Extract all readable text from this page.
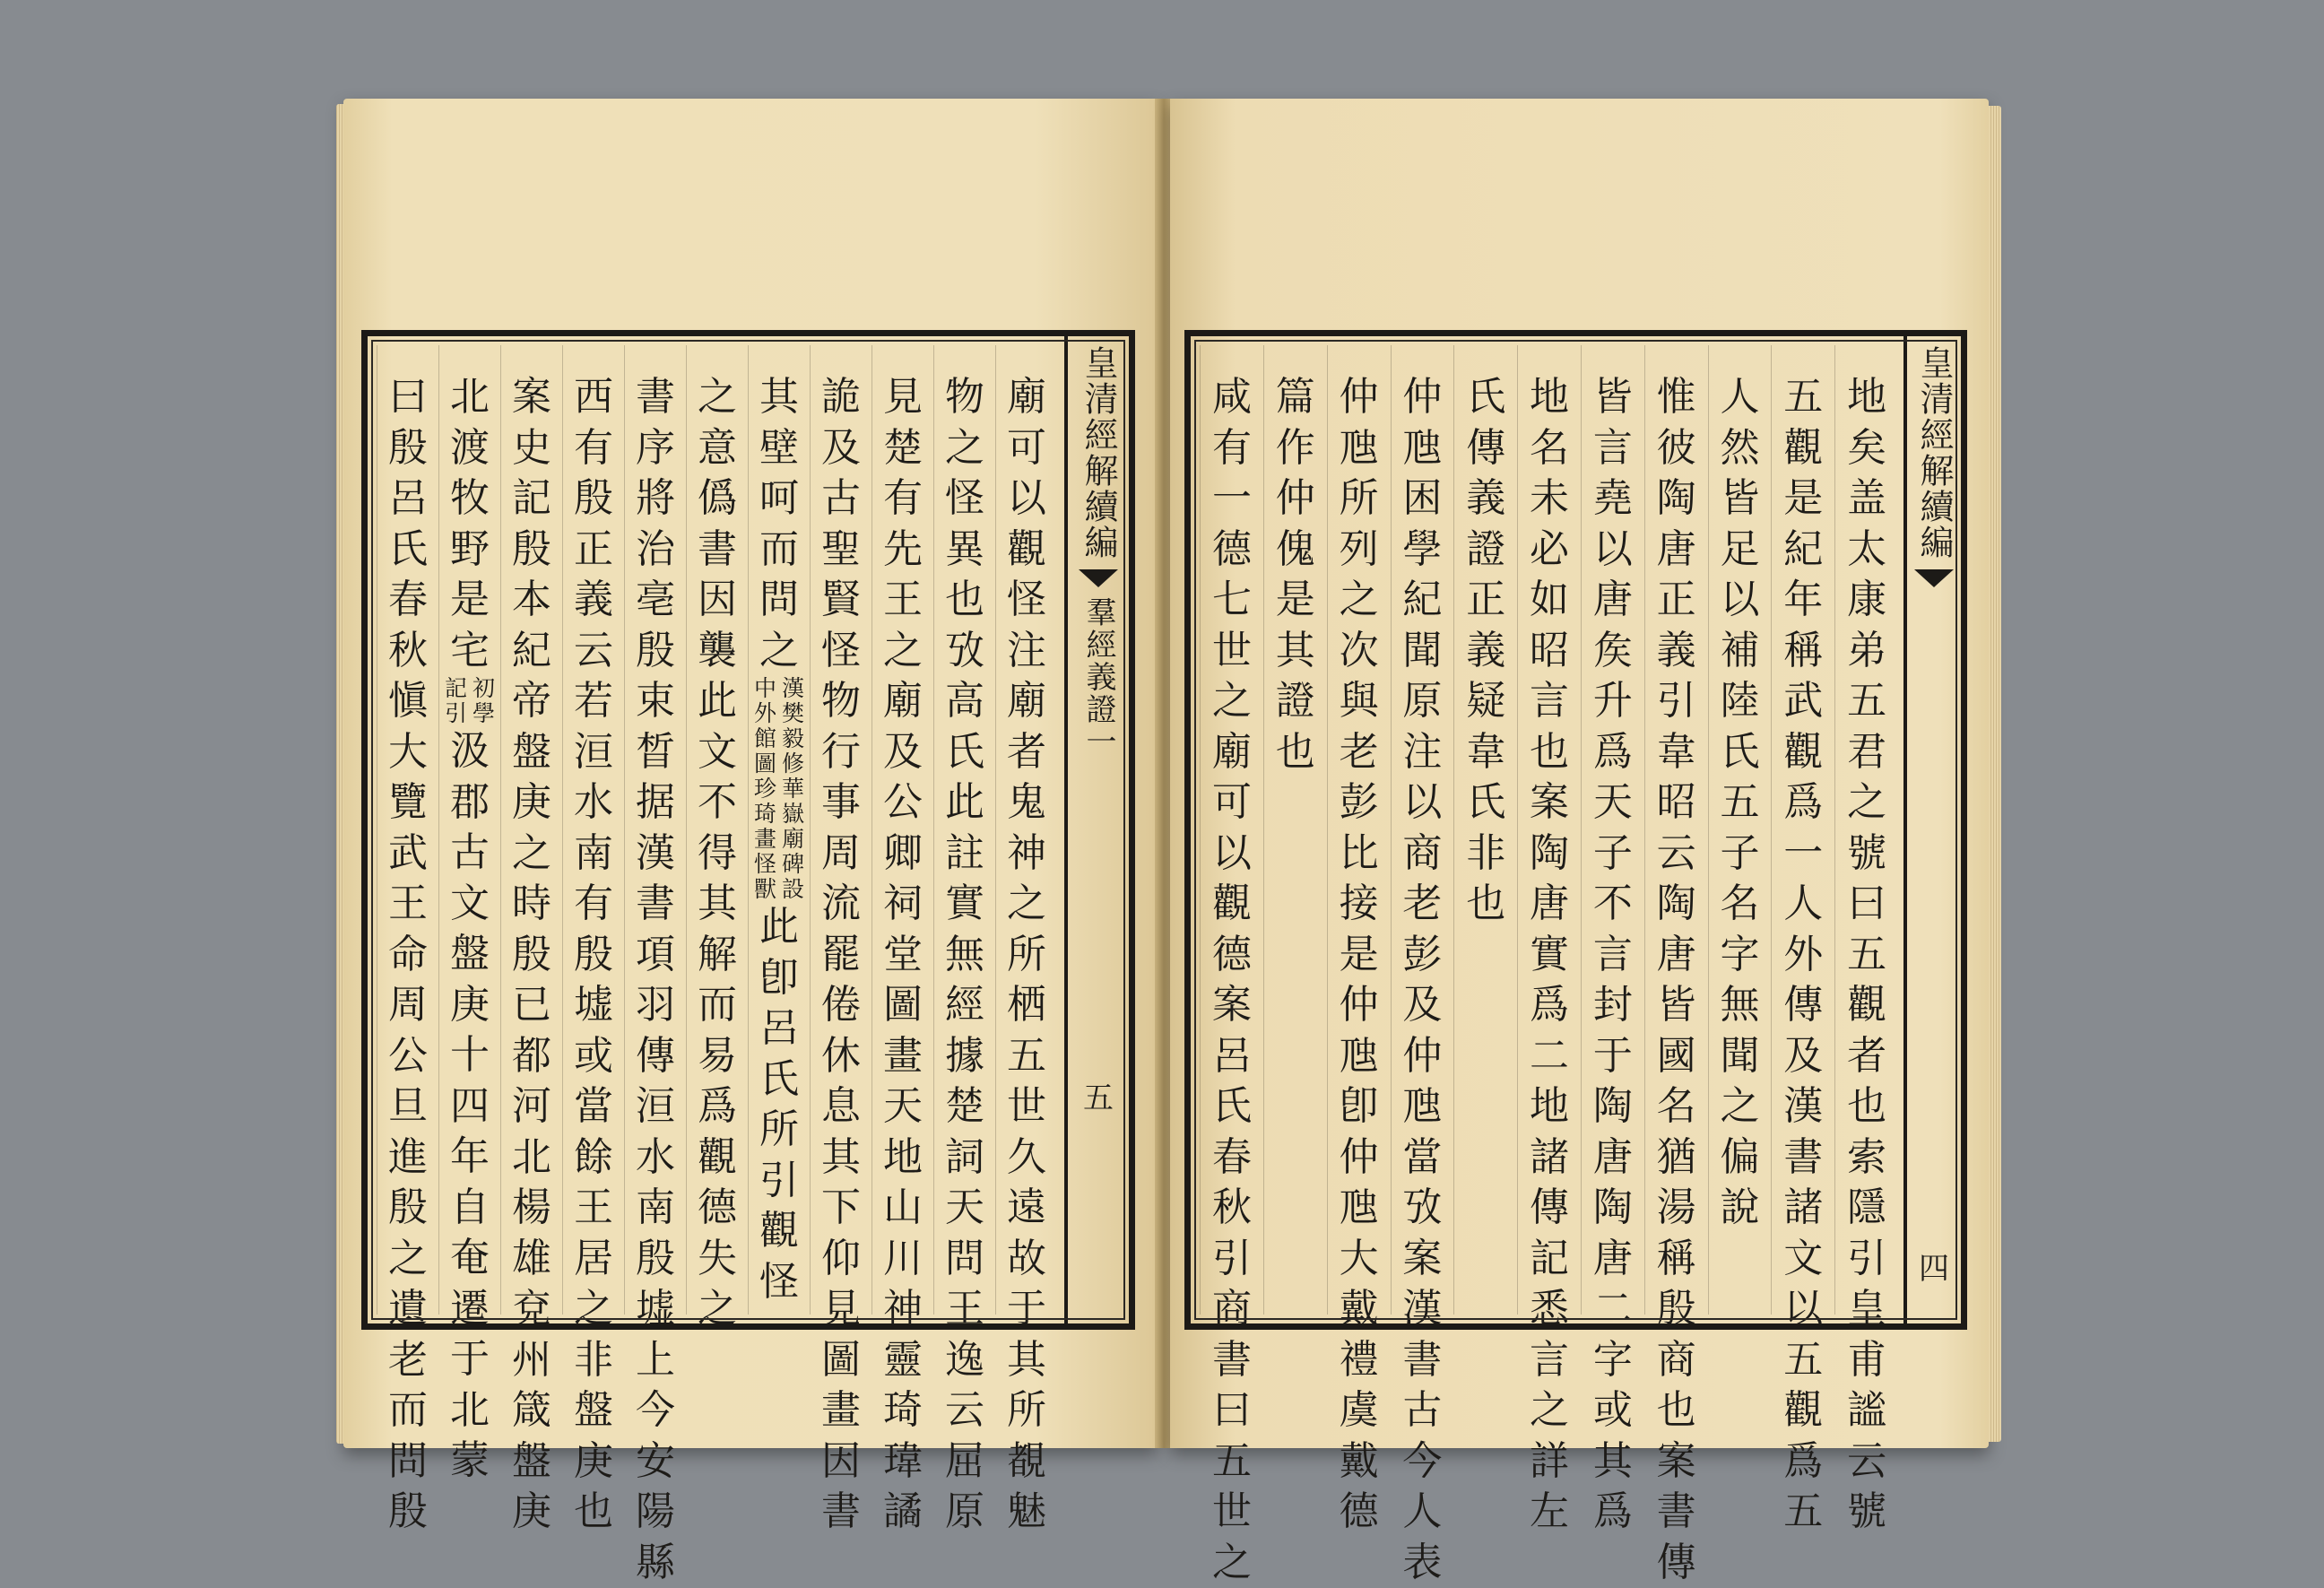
廟
可
以
觀
怪
注
廟
者
鬼
神
之
所
栖
五
世
久
遠
故
于
其
所
覩
魅
物
之
怪
異
也
攷
高
氏
此
註
實
無
經
據
楚
詞
天
問
王
逸
云
屈
原
見
楚
有
先
王
之
廟
及
公
卿
祠
堂
圖
畫
天
地
山
川
神
靈
琦
瑋
譎
詭
及
古
聖
賢
怪
物
行
事
周
流
罷
倦
休
息
其
下
仰
見
圖
畫
因
書
其
壁
呵
而
問
之
漢
樊
毅
修
華
嶽
廟
碑
設
中
外
館
圖
珍
琦
畫
怪
獸
此
卽
呂
氏
所
引
觀
怪
之
意
僞
書
因
襲
此
文
不
得
其
解
而
易
爲
觀
德
失
之
書
序
將
治
亳
殷
束
晳
据
漢
書
項
羽
傳
洹
水
南
殷
墟
上
今
安
陽
縣
西
有
殷
正
義
云
若
洹
水
南
有
殷
墟
或
當
餘
王
居
之
非
盤
庚
也
案
史
記
殷
本
紀
帝
盤
庚
之
時
殷
已
都
河
北
楊
雄
兗
州
箴
盤
庚
北
渡
牧
野
是
宅
初
學
記
引
汲
郡
古
文
盤
庚
十
四
年
自
奄
遷
于
北
蒙
曰
殷
呂
氏
春
秋
愼
大
覽
武
王
命
周
公
旦
進
殷
之
遺
老
而
問
殷
皇清經解續編
羣經義證一
五
地
矣
盖
太
康
弟
五
君
之
號
曰
五
觀
者
也
索
隱
引
皇
甫
謐
云
號
五
觀
是
紀
年
稱
武
觀
爲
一
人
外
傳
及
漢
書
諸
文
以
五
觀
爲
五
人
然
皆
足
以
補
陸
氏
五
子
名
字
無
聞
之
偏
說
惟
彼
陶
唐
正
義
引
韋
昭
云
陶
唐
皆
國
名
猶
湯
稱
殷
商
也
案
書
傳
皆
言
堯
以
唐
矦
升
爲
天
子
不
言
封
于
陶
唐
陶
唐
二
字
或
其
爲
地
名
未
必
如
昭
言
也
案
陶
唐
實
爲
二
地
諸
傳
記
悉
言
之
詳
左
氏
傳
義
證
正
義
疑
韋
氏
非
也
仲
虺
困
學
紀
聞
原
注
以
商
老
彭
及
仲
虺
當
攷
案
漢
書
古
今
人
表
仲
虺
所
列
之
次
與
老
彭
比
接
是
仲
虺
卽
仲
虺
大
戴
禮
虞
戴
德
篇
作
仲
傀
是
其
證
也
咸
有
一
德
七
世
之
廟
可
以
觀
德
案
呂
氏
春
秋
引
商
書
曰
五
世
之
皇清經解續編
四
